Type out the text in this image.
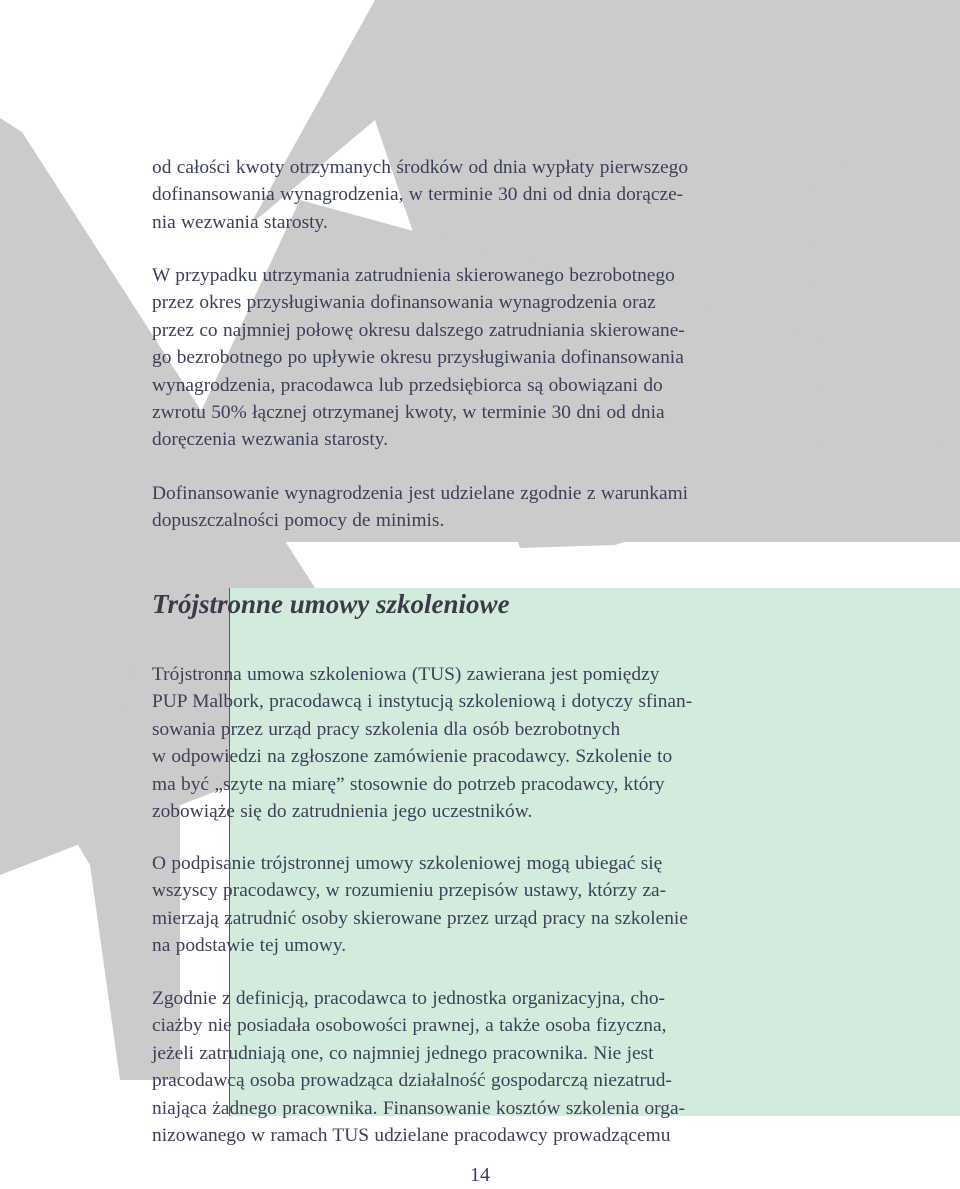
od całości kwoty otrzymanych środków od dnia wypłaty pierwszego
dofinansowania wynagrodzenia, w terminie 30 dni od dnia dorącze-
nia wezwania starosty.

W przypadku utrzymania zatrudnienia skierowanego bezrobotnego
przez okres przysługiwania dofinansowania wynagrodzenia oraz
przez co najmniej połowę okresu dalszego zatrudniania skierowane-
go bezrobotnego po upływie okresu przysługiwania dofinansowania
wynagrodzenia, pracodawca lub przedsiębiorca są obowiązani do
zwrotu 50% łącznej otrzymanej kwoty, w terminie 30 dni od dnia
doręczenia wezwania starosty.

Dofinansowanie wynagrodzenia jest udzielane zgodnie z warunkami
dopuszczalności pomocy de minimis.

Trójstronne umowy szkoleniowe

Trójstronna umowa szkoleniowa (TUS) zawierana jest pomiędzy
PUP Malbork, pracodawcą i instytucją szkoleniową i dotyczy sfinan-
sowania przez urząd pracy szkolenia dla osób bezrobotnych
w odpowiedzi na zgłoszone zamówienie pracodawcy. Szkolenie to
ma być „szyte na miarę” stosownie do potrzeb pracodawcy, który
zobowiąże się do zatrudnienia jego uczestników.

O podpisanie trójstronnej umowy szkoleniowej mogą ubiegać się
wszyscy pracodawcy, w rozumieniu przepisów ustawy, którzy za-
mierzają zatrudnić osoby skierowane przez urząd pracy na szkolenie
na podstawie tej umowy.

Zgodnie z definicją, pracodawca to jednostka organizacyjna, cho-
ciażby nie posiadała osobowości prawnej, a także osoba fizyczna,
jeżeli zatrudniają one, co najmniej jednego pracownika. Nie jest
pracodawcą osoba prowadząca działalność gospodarczą niezatrud-
niająca żadnego pracownika. Finansowanie kosztów szkolenia orga-
nizowanego w ramach TUS udzielane pracodawcy prowadzącemu

14
